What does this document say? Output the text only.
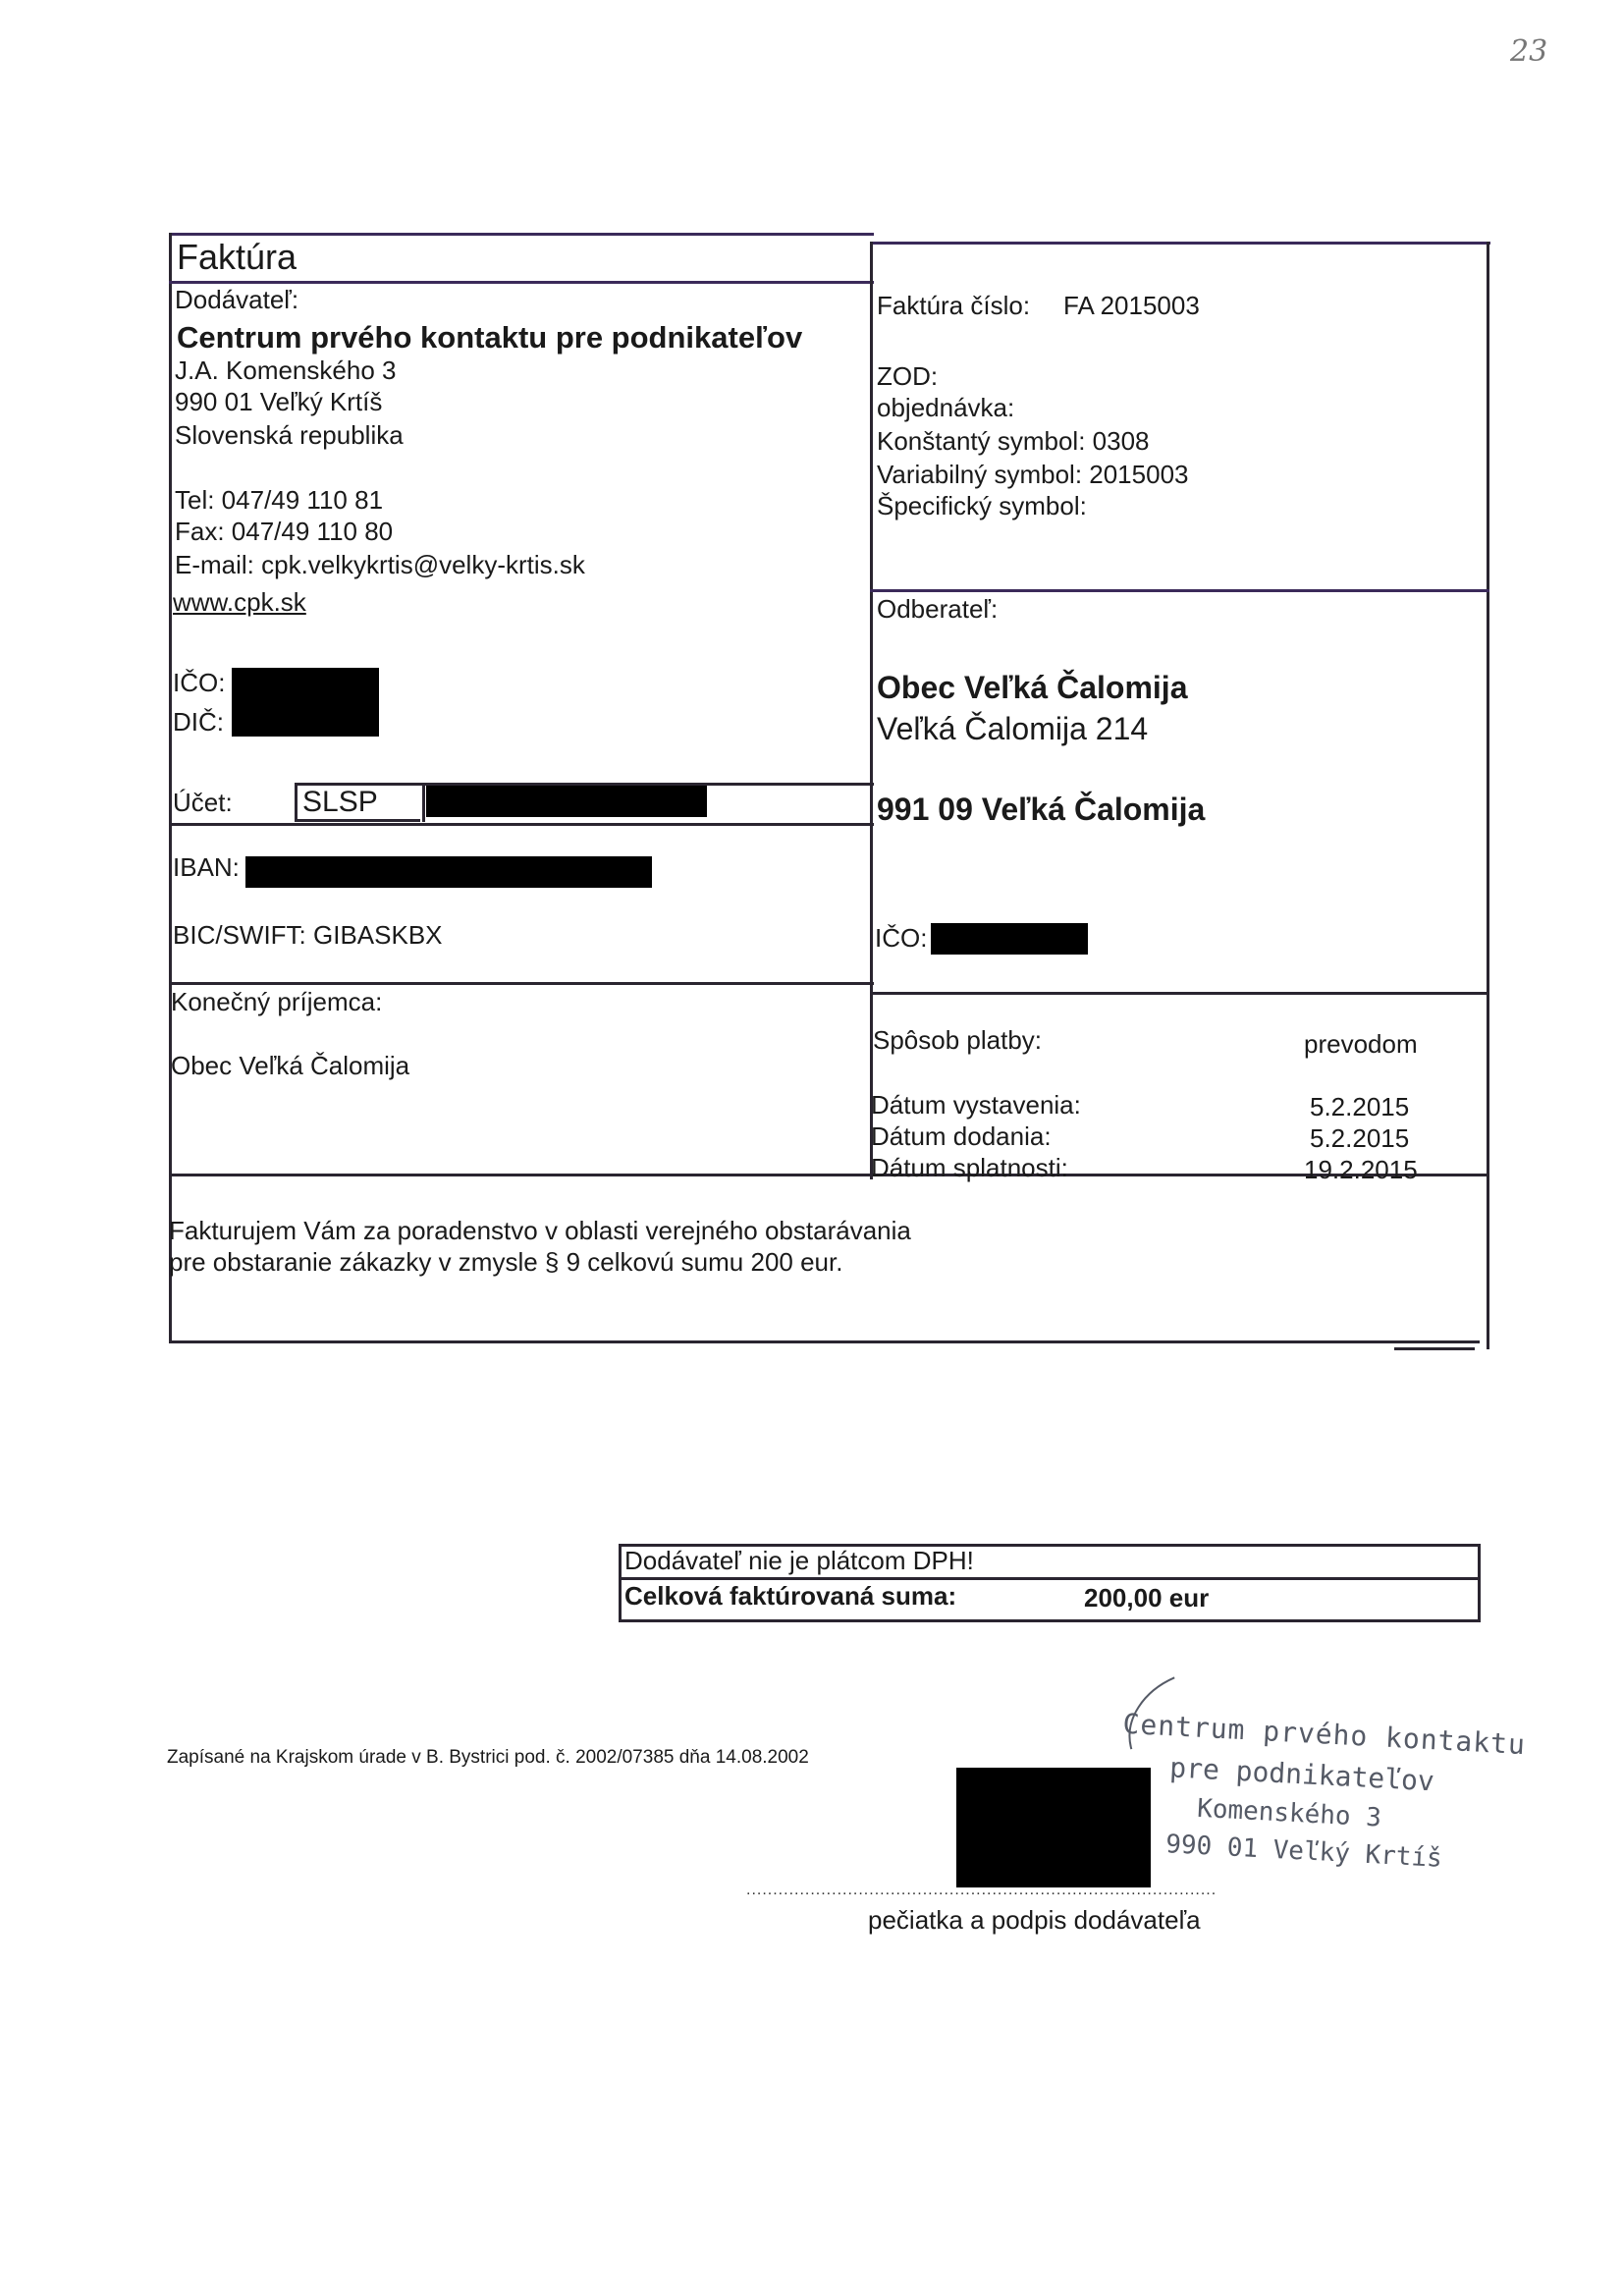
23
Faktúra
Dodávateľ:
Centrum prvého kontaktu pre podnikateľov
J.A. Komenského 3
990 01 Veľký Krtíš
Slovenská republika
Tel: 047/49 110 81
Fax: 047/49 110 80
E-mail: cpk.velkykrtis@velky-krtis.sk
www.cpk.sk
IČO:
DIČ:
Účet: SLSP
IBAN:
BIC/SWIFT: GIBASKBX
Konečný príjemca:
Obec Veľká Čalomija
Faktúra číslo: FA 2015003
ZOD:
objednávka:
Konštantý symbol: 0308
Variabilný symbol: 2015003
Špecifický symbol:
Odberateľ:
Obec Veľká Čalomija
Veľká Čalomija 214
991 09 Veľká Čalomija
IČO:
Spôsob platby:	prevodom
Dátum vystavenia:	5.2.2015
Dátum dodania:	5.2.2015
Dátum splatnosti:	19.2.2015
Fakturujem Vám za poradenstvo v oblasti verejného obstarávania
pre obstaranie zákazky v zmysle § 9 celkovú sumu 200 eur.
Dodávateľ nie je plátcom DPH!
Celková faktúrovaná suma:	200,00 eur
Zapísané na Krajskom úrade v B. Bystrici pod. č. 2002/07385 dňa 14.08.2002	Centrum prvého kontaktu
pre podnikateľov
Komenského 3
990 01 Veľký Krtíš
........................................................................................
pečiatka a podpis dodávateľa
